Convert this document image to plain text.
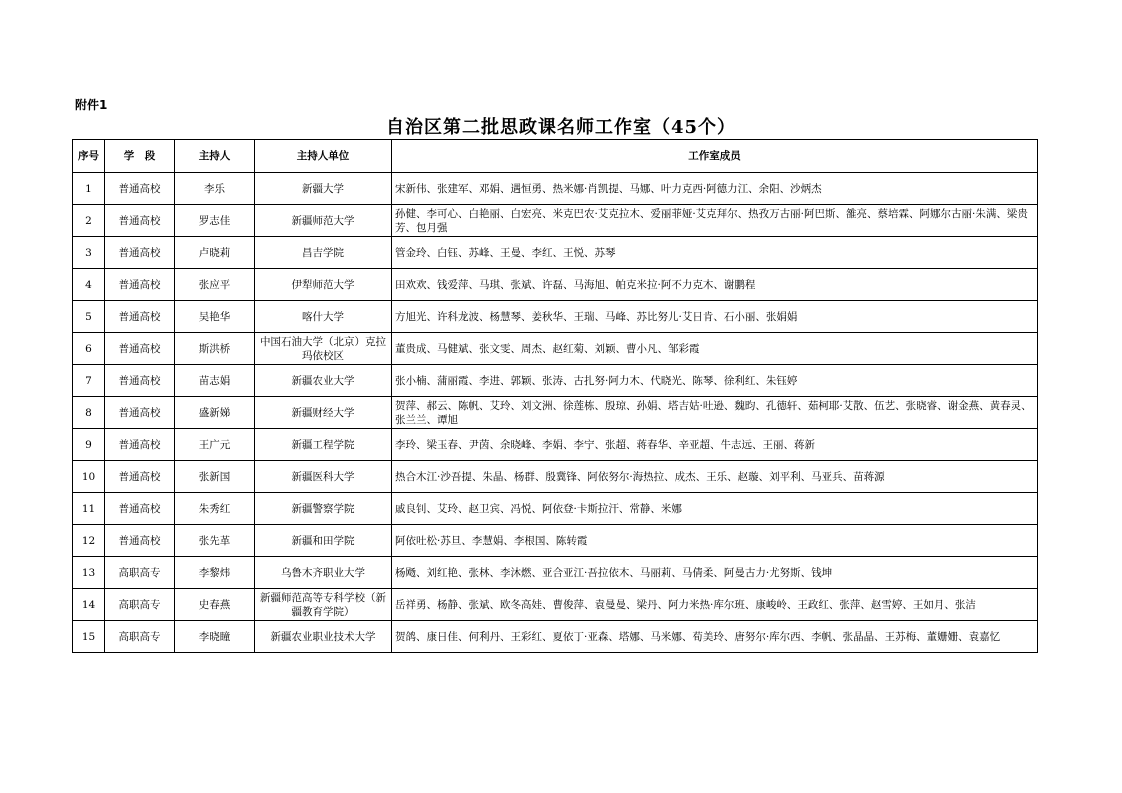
附件1
自治区第二批思政课名师工作室（45个）
序号	学　段	主持人	主持人单位	工作室成员
1	普通高校	李乐	新疆大学	宋新伟、张建军、邓娟、遇恒勇、热米娜·肖凯提、马娜、叶力克西·阿德力江、余阳、沙炳杰
2	普通高校	罗志佳	新疆师范大学	孙健、李可心、白艳丽、白宏亮、米克巴农·艾克拉木、爱丽菲娅·艾克拜尔、热孜万古丽·阿巴斯、雒亮、蔡培霖、阿娜尔古丽·朱满、梁贵芳、包月强
3	普通高校	卢晓莉	昌吉学院	管金玲、白钰、苏峰、王曼、李红、王悦、苏琴
4	普通高校	张应平	伊犁师范大学	田欢欢、钱爱萍、马琪、张斌、许磊、马海旭、帕克米拉·阿不力克木、谢鹏程
5	普通高校	吴艳华	喀什大学	方旭光、许科龙波、杨慧琴、姜秋华、王瑞、马峰、苏比努儿·艾日肯、石小丽、张娟娟
6	普通高校	斯洪桥	中国石油大学（北京）克拉玛依校区	董贵成、马健斌、张文雯、周杰、赵红菊、刘颖、曹小凡、邹彩霞
7	普通高校	苗志娟	新疆农业大学	张小楠、蒲丽霞、李进、郭颖、张涛、古扎努·阿力木、代晓光、陈琴、徐利红、朱钰婷
8	普通高校	盛新娣	新疆财经大学	贺萍、郝云、陈帆、艾玲、刘文洲、徐莲栋、殷琼、孙娟、塔吉姑·吐逊、魏昀、孔德轩、茹柯耶·艾散、伍艺、张晓睿、谢金燕、黄春灵、张兰兰、谭旭
9	普通高校	王广元	新疆工程学院	李玲、梁玉春、尹茵、余晓峰、李娟、李宁、张超、蒋春华、辛亚超、牛志远、王丽、蒋新
10	普通高校	张新国	新疆医科大学	热合木江·沙吾提、朱晶、杨群、殷冀锋、阿依努尔·海热拉、成杰、王乐、赵璇、刘平利、马亚兵、苗蒋源
11	普通高校	朱秀红	新疆警察学院	戚良钊、艾玲、赵卫宾、冯悦、阿依登·卡斯拉汗、常静、米娜
12	普通高校	张先革	新疆和田学院	阿依吐松·苏旦、李慧娟、李根国、陈转霞
13	高职高专	李黎炜	乌鲁木齐职业大学	杨飏、刘红艳、张林、李沐燃、亚合亚江·吾拉依木、马丽莉、马倩柔、阿曼古力·尤努斯、钱坤
14	高职高专	史春燕	新疆师范高等专科学校（新疆教育学院）	岳祥勇、杨静、张斌、欧冬高娃、曹俊萍、袁曼曼、梁丹、阿力米热·库尔班、康峻岭、王政红、张萍、赵雪婷、王如月、张洁
15	高职高专	李晓瞳	新疆农业职业技术大学	贺鸽、康日佳、何利丹、王彩红、夏依丁·亚森、塔娜、马米娜、荀美玲、唐努尔·库尔西、李帆、张晶晶、王苏梅、董姗姗、袁嘉忆
